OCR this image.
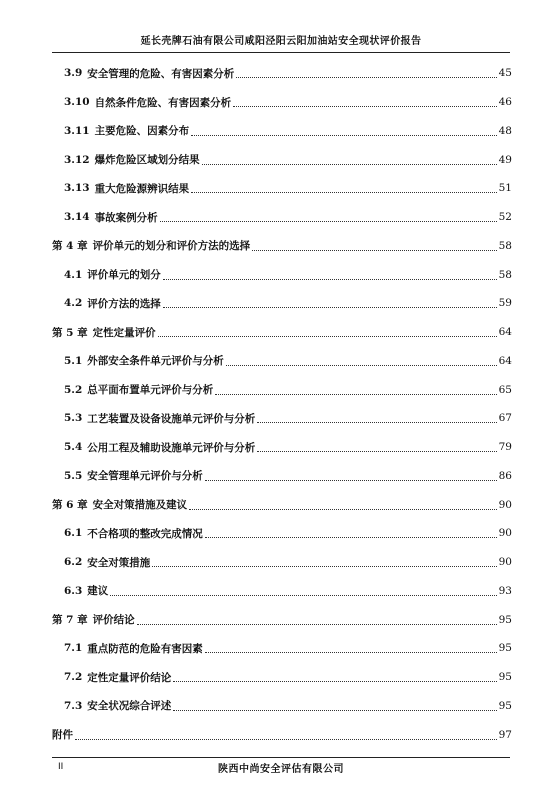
延长壳牌石油有限公司咸阳泾阳云阳加油站安全现状评价报告
3.9 安全管理的危险、有害因素分析	45
3.10 自然条件危险、有害因素分析	46
3.11 主要危险、因素分布	48
3.12 爆炸危险区域划分结果	49
3.13 重大危险源辨识结果	51
3.14 事故案例分析	52
第 4 章 评价单元的划分和评价方法的选择	58
4.1 评价单元的划分	58
4.2 评价方法的选择	59
第 5 章 定性定量评价	64
5.1 外部安全条件单元评价与分析	64
5.2 总平面布置单元评价与分析	65
5.3 工艺装置及设备设施单元评价与分析	67
5.4 公用工程及辅助设施单元评价与分析	79
5.5 安全管理单元评价与分析	86
第 6 章 安全对策措施及建议	90
6.1 不合格项的整改完成情况	90
6.2 安全对策措施	90
6.3 建议	93
第 7 章 评价结论	95
7.1 重点防范的危险有害因素	95
7.2 定性定量评价结论	95
7.3 安全状况综合评述	95
附件	97
II	陕西中尚安全评估有限公司
